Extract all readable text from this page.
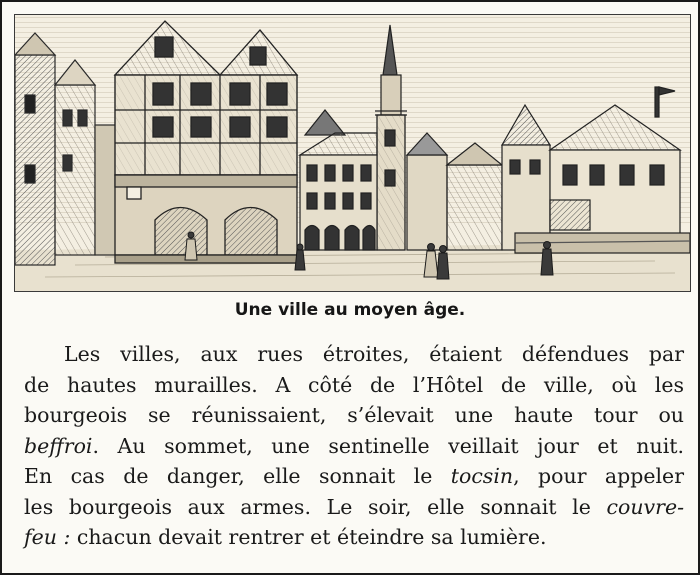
Une ville au moyen âge.

Les villes, aux rues étroites, étaient défendues par
de hautes murailles. A côté de l’Hôtel de ville, où les
bourgeois se réunissaient, s’élevait une haute tour ou
beffroi. Au sommet, une sentinelle veillait jour et nuit.
En cas de danger, elle sonnait le tocsin, pour appeler
les bourgeois aux armes. Le soir, elle sonnait le couvre-
feu : chacun devait rentrer et éteindre sa lumière.
